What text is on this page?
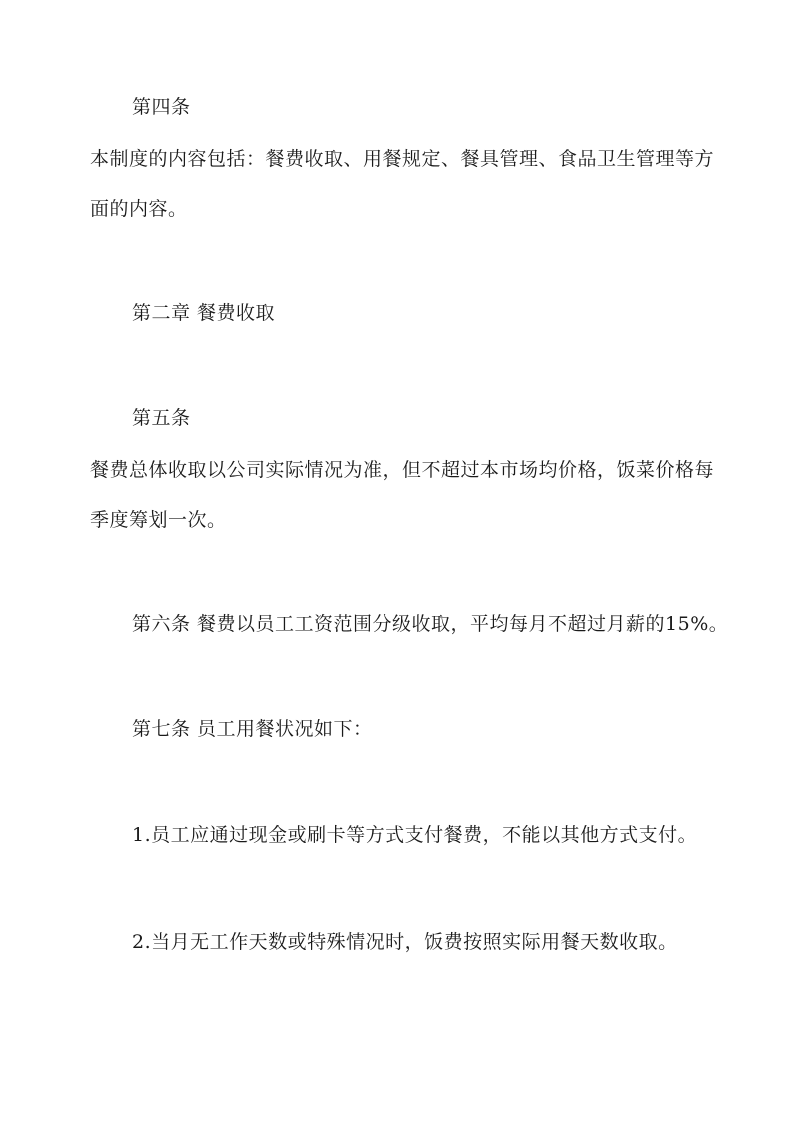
第四条
本制度的内容包括：餐费收取、用餐规定、餐具管理、食品卫生管理等方
面的内容。
第二章 餐费收取
第五条
餐费总体收取以公司实际情况为准，但不超过本市场均价格，饭菜价格每
季度筹划一次。
第六条 餐费以员工工资范围分级收取，平均每月不超过月薪的15%。
第七条 员工用餐状况如下：
1.员工应通过现金或刷卡等方式支付餐费，不能以其他方式支付。
2.当月无工作天数或特殊情况时，饭费按照实际用餐天数收取。
